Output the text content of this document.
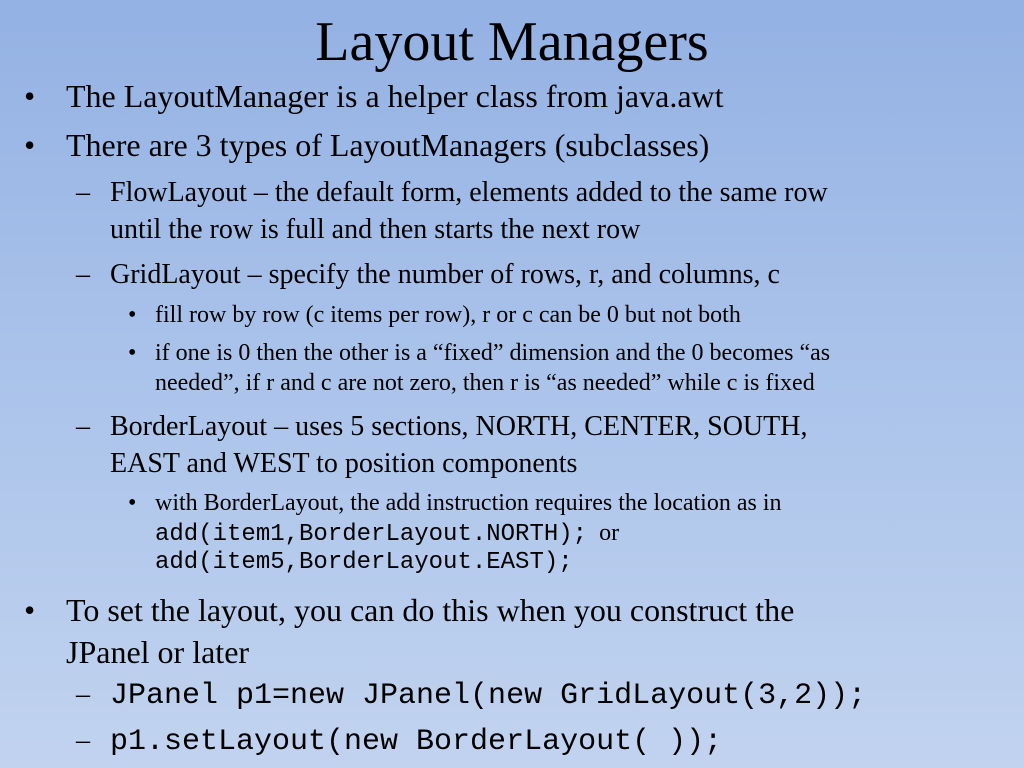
Layout Managers
• The LayoutManager is a helper class from java.awt
• There are 3 types of LayoutManagers (subclasses)
– FlowLayout – the default form, elements added to the same row
until the row is full and then starts the next row
– GridLayout – specify the number of rows, r, and columns, c
• fill row by row (c items per row), r or c can be 0 but not both
• if one is 0 then the other is a “fixed” dimension and the 0 becomes “as
needed”, if r and c are not zero, then r is “as needed” while c is fixed
– BorderLayout – uses 5 sections, NORTH, CENTER, SOUTH,
EAST and WEST to position components
• with BorderLayout, the add instruction requires the location as in
add(item1,BorderLayout.NORTH); or
add(item5,BorderLayout.EAST);
• To set the layout, you can do this when you construct the
JPanel or later
– JPanel p1=new JPanel(new GridLayout(3,2));
– p1.setLayout(new BorderLayout( ));
